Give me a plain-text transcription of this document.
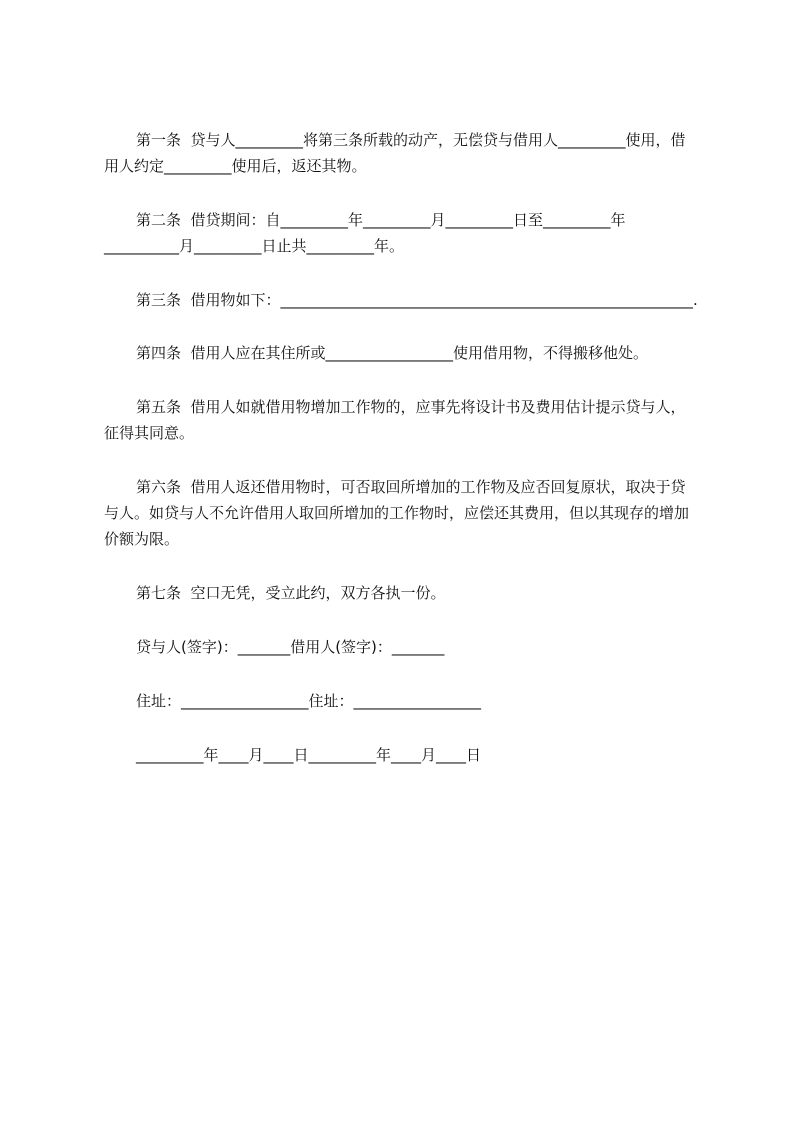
第一条  贷与人_________将第三条所载的动产，无偿贷与借用人_________使用，借用人约定_________使用后，返还其物。

第二条  借贷期间：自_________年_________月_________日至_________年__________月_________日止共_________年。

第三条  借用物如下：_______________________________________________________.

第四条  借用人应在其住所或_________________使用借用物，不得搬移他处。

第五条  借用人如就借用物增加工作物的，应事先将设计书及费用估计提示贷与人，征得其同意。

第六条  借用人返还借用物时，可否取回所增加的工作物及应否回复原状，取决于贷与人。如贷与人不允许借用人取回所增加的工作物时，应偿还其费用，但以其现存的增加价额为限。

第七条  空口无凭，受立此约，双方各执一份。

贷与人(签字)：_______借用人(签字)：_______

住址：_________________住址：_________________

_________年____月____日_________年____月____日
